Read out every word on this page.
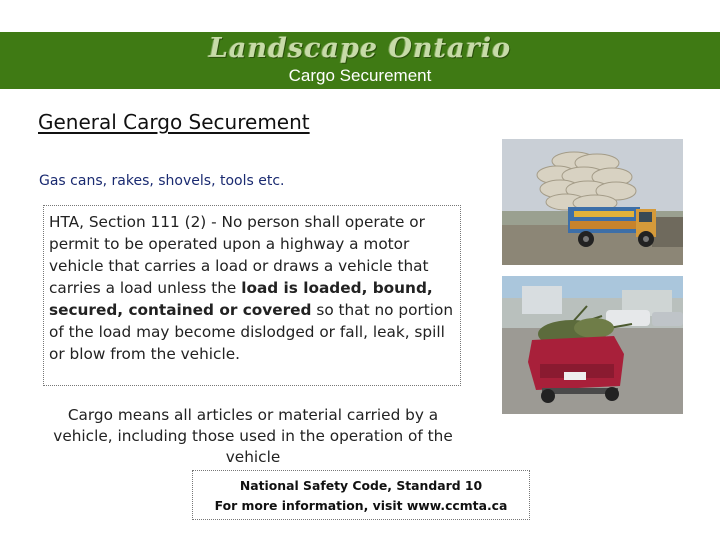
Landscape Ontario
Cargo Securement
General Cargo Securement
Gas cans, rakes, shovels, tools etc.
HTA, Section 111 (2) - No person shall operate or permit to be operated upon a highway a motor vehicle that carries a load or draws a vehicle that carries a load unless the load is loaded, bound, secured, contained or covered so that no portion of the load may become dislodged or fall, leak, spill or blow from the vehicle.
Cargo means all articles or material carried by a vehicle, including those used in the operation of the vehicle
National Safety Code, Standard 10
For more information, visit www.ccmta.ca
